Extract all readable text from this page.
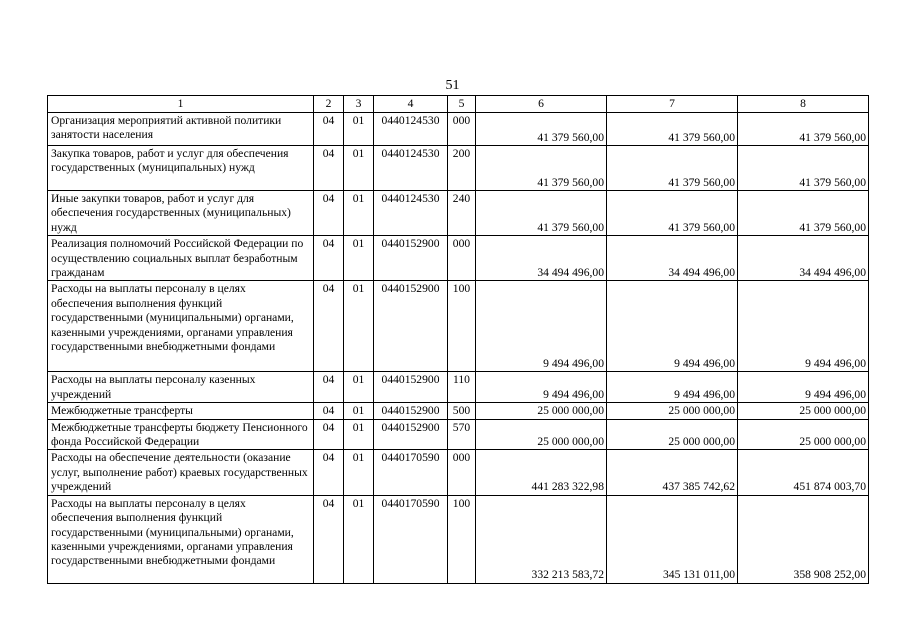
51
1	2	3	4	5	6	7	8
Организация мероприятий активной политики занятости населения	04	01	0440124530	000	41 379 560,00	41 379 560,00	41 379 560,00
Закупка товаров, работ и услуг для обеспечения государственных (муниципальных) нужд	04	01	0440124530	200	41 379 560,00	41 379 560,00	41 379 560,00
Иные закупки товаров, работ и услуг для обеспечения государственных (муниципальных) нужд	04	01	0440124530	240	41 379 560,00	41 379 560,00	41 379 560,00
Реализация полномочий Российской Федерации по осуществлению социальных выплат безработным гражданам	04	01	0440152900	000	34 494 496,00	34 494 496,00	34 494 496,00
Расходы на выплаты персоналу в целях обеспечения выполнения функций государственными (муниципальными) органами, казенными учреждениями, органами управления государственными внебюджетными фондами	04	01	0440152900	100	9 494 496,00	9 494 496,00	9 494 496,00
Расходы на выплаты персоналу казенных учреждений	04	01	0440152900	110	9 494 496,00	9 494 496,00	9 494 496,00
Межбюджетные трансферты	04	01	0440152900	500	25 000 000,00	25 000 000,00	25 000 000,00
Межбюджетные трансферты бюджету Пенсионного фонда Российской Федерации	04	01	0440152900	570	25 000 000,00	25 000 000,00	25 000 000,00
Расходы на обеспечение деятельности (оказание услуг, выполнение работ) краевых государственных учреждений	04	01	0440170590	000	441 283 322,98	437 385 742,62	451 874 003,70
Расходы на выплаты персоналу в целях обеспечения выполнения функций государственными (муниципальными) органами, казенными учреждениями, органами управления государственными внебюджетными фондами	04	01	0440170590	100	332 213 583,72	345 131 011,00	358 908 252,00
